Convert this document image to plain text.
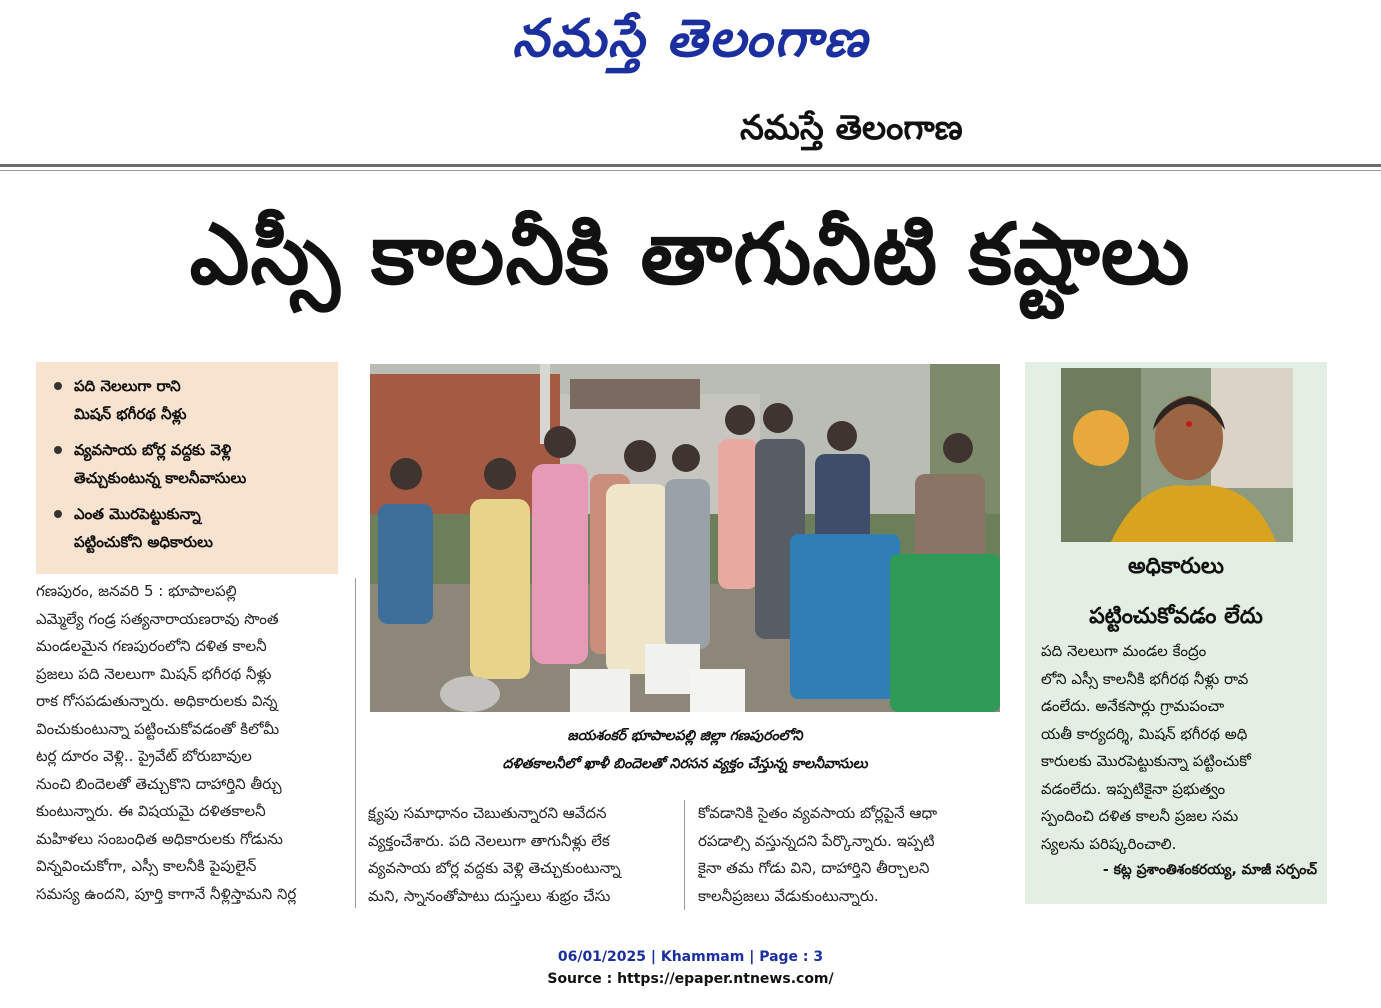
నమస్తే తెలంగాణ
నమస్తే తెలంగాణ
ఎస్సీ కాలనీకి తాగునీటి కష్టాలు
పది నెలలుగా రాని
మిషన్ భగీరథ నీళ్లు
వ్యవసాయ బోర్ల వద్దకు వెళ్లి
తెచ్చుకుంటున్న కాలనీవాసులు
ఎంత మొరపెట్టుకున్నా
పట్టించుకోని అధికారులు
జయశంకర్ భూపాలపల్లి జిల్లా గణపురంలోని
దళితకాలనీలో ఖాళీ బిందెలతో నిరసన వ్యక్తం చేస్తున్న కాలనీవాసులు

గణపురం, జనవరి 5 : భూపాలపల్లి

ఎమ్మెల్యే గండ్ర సత్యనారాయణరావు సొంత

మండలమైన గణపురంలోని దళిత కాలనీ

ప్రజలు పది నెలలుగా మిషన్ భగీరథ నీళ్లు

రాక గోసపడుతున్నారు. అధికారులకు విన్న

వించుకుంటున్నా పట్టించుకోవడంతో కిలోమీ

టర్ల దూరం వెళ్లి.. ప్రైవేట్ బోరుబావుల

నుంచి బిందెలతో తెచ్చుకొని దాహార్తిని తీర్చు

కుంటున్నారు. ఈ విషయమై దళితకాలనీ

మహిళలు సంబంధిత అధికారులకు గోడును

విన్నవించుకోగా, ఎస్సీ కాలనీకి పైపులైన్

సమస్య ఉందని, పూర్తి కాగానే నీళ్లిస్తామని నిర్ల

క్ష్యపు సమాధానం చెబుతున్నారని ఆవేదన

వ్యక్తంచేశారు. పది నెలలుగా తాగునీళ్లు లేక

వ్యవసాయ బోర్ల వద్దకు వెళ్లి తెచ్చుకుంటున్నా

మని, స్నానంతోపాటు దుస్తులు శుభ్రం చేసు

కోవడానికి సైతం వ్యవసాయ బోర్లపైనే ఆధా

రపడాల్సి వస్తున్నదని పేర్కొన్నారు. ఇప్పటి

కైనా తమ గోడు విని, దాహార్తిని తీర్చాలని

కాలనీప్రజలు వేడుకుంటున్నారు.

అధికారులు
పట్టించుకోవడం లేదు
పది నెలలుగా మండల కేంద్రం
లోని ఎస్సీ కాలనీకి భగీరథ నీళ్లు రావ
డంలేదు. అనేకసార్లు గ్రామపంచా
యతీ కార్యదర్శి, మిషన్ భగీరథ అధి
కారులకు మొరపెట్టుకున్నా పట్టించుకో
వడంలేదు. ఇప్పటికైనా ప్రభుత్వం
స్పందించి దళిత కాలనీ ప్రజల సమ
స్యలను పరిష్కరించాలి.
- కట్ల ప్రశాంతిశంకరయ్య, మాజీ సర్పంచ్
06/01/2025 | Khammam | Page : 3
Source : https://epaper.ntnews.com/
